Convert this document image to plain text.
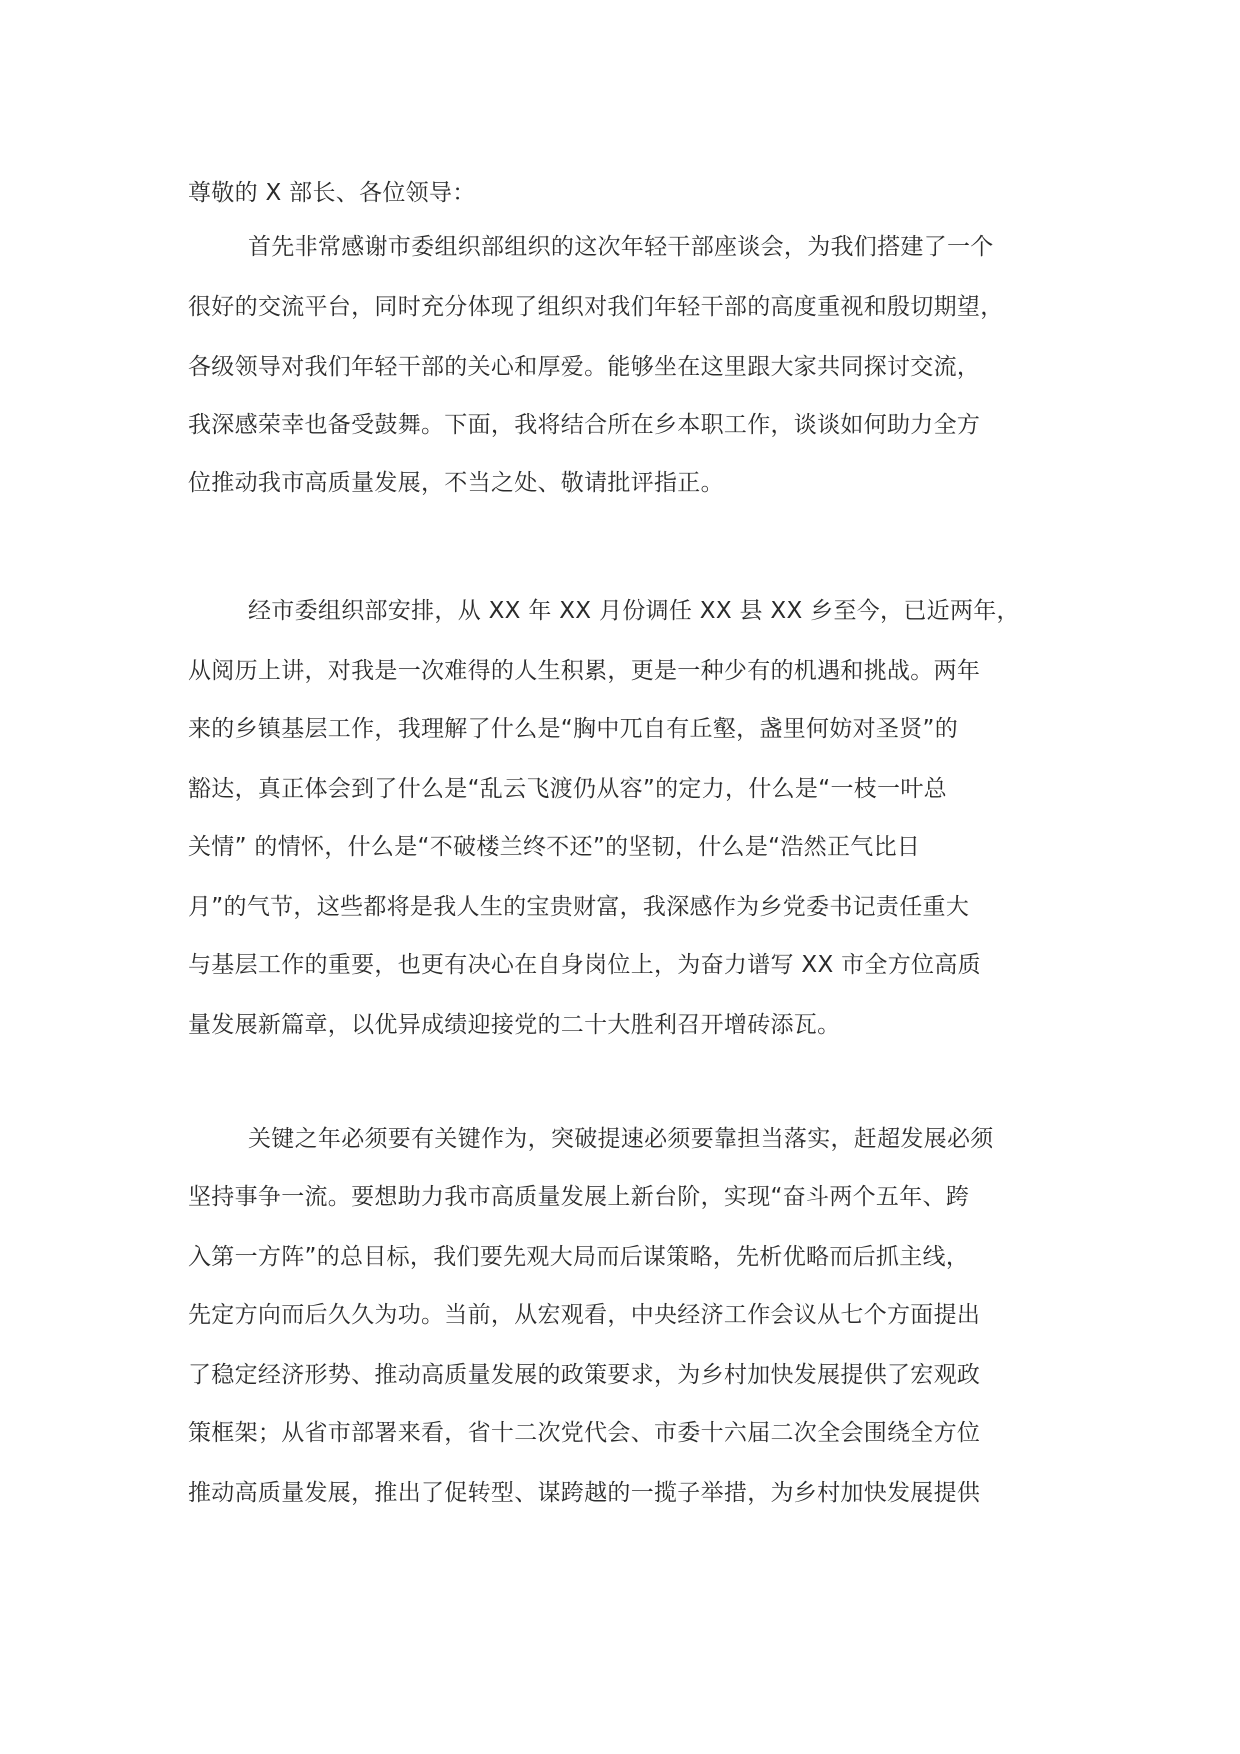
尊敬的 X 部长、各位领导：
首先非常感谢市委组织部组织的这次年轻干部座谈会，为我们搭建了一个
很好的交流平台，同时充分体现了组织对我们年轻干部的高度重视和殷切期望，
各级领导对我们年轻干部的关心和厚爱。能够坐在这里跟大家共同探讨交流，
我深感荣幸也备受鼓舞。下面，我将结合所在乡本职工作，谈谈如何助力全方
位推动我市高质量发展，不当之处、敬请批评指正。
经市委组织部安排，从 XX 年 XX 月份调任 XX 县 XX 乡至今，已近两年，
从阅历上讲，对我是一次难得的人生积累，更是一种少有的机遇和挑战。两年
来的乡镇基层工作，我理解了什么是“胸中兀自有丘壑，盏里何妨对圣贤”的
豁达，真正体会到了什么是“乱云飞渡仍从容”的定力，什么是“一枝一叶总
关情” 的情怀，什么是“不破楼兰终不还”的坚韧，什么是“浩然正气比日
月”的气节，这些都将是我人生的宝贵财富，我深感作为乡党委书记责任重大
与基层工作的重要，也更有决心在自身岗位上，为奋力谱写 XX 市全方位高质
量发展新篇章，以优异成绩迎接党的二十大胜利召开增砖添瓦。
关键之年必须要有关键作为，突破提速必须要靠担当落实，赶超发展必须
坚持事争一流。要想助力我市高质量发展上新台阶，实现“奋斗两个五年、跨
入第一方阵”的总目标，我们要先观大局而后谋策略，先析优略而后抓主线，
先定方向而后久久为功。当前，从宏观看，中央经济工作会议从七个方面提出
了稳定经济形势、推动高质量发展的政策要求，为乡村加快发展提供了宏观政
策框架；从省市部署来看，省十二次党代会、市委十六届二次全会围绕全方位
推动高质量发展，推出了促转型、谋跨越的一揽子举措，为乡村加快发展提供
